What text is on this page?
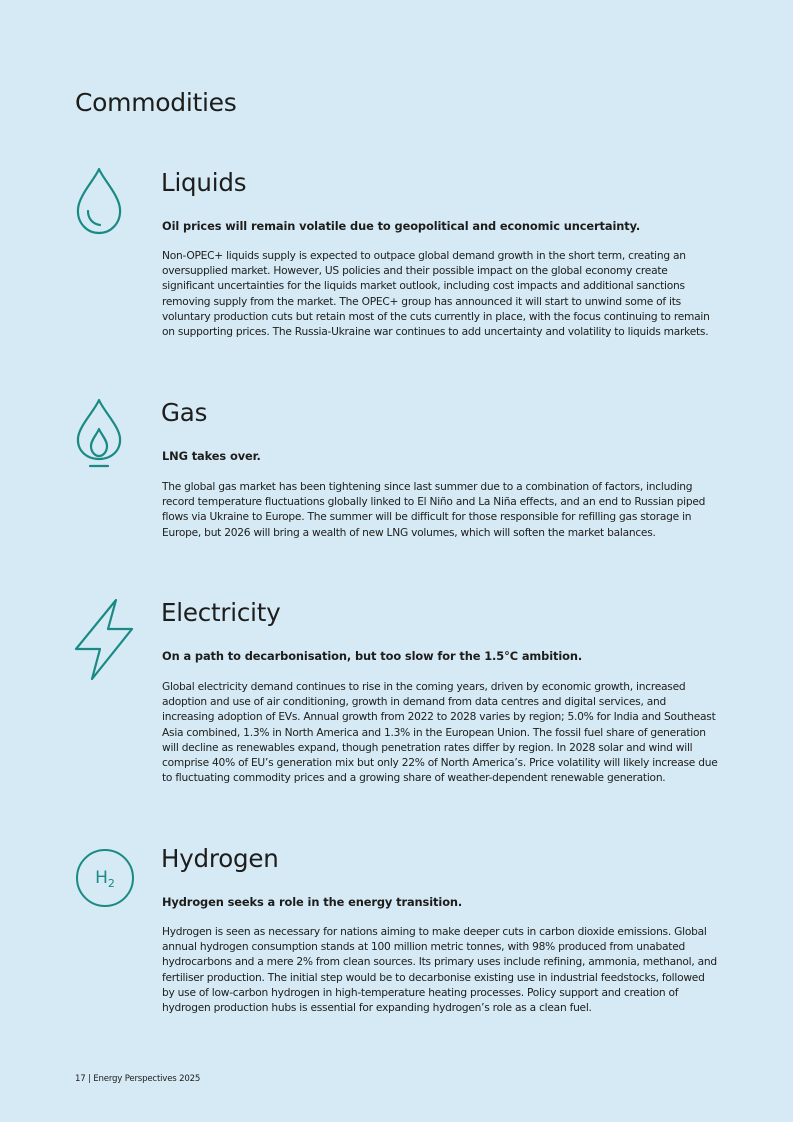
Commodities
Liquids

Oil prices will remain volatile due to geopolitical and economic uncertainty.

Non-OPEC+ liquids supply is expected to outpace global demand growth in the short term, creating an oversupplied market. However, US policies and their possible impact on the global economy create significant uncertainties for the liquids market outlook, including cost impacts and additional sanctions removing supply from the market. The OPEC+ group has announced it will start to unwind some of its voluntary production cuts but retain most of the cuts currently in place, with the focus continuing to remain on supporting prices. The Russia-Ukraine war continues to add uncertainty and volatility to liquids markets.

Gas

LNG takes over.

The global gas market has been tightening since last summer due to a combination of factors, including record temperature fluctuations globally linked to El Niño and La Niña effects, and an end to Russian piped flows via Ukraine to Europe. The summer will be difficult for those responsible for refilling gas storage in Europe, but 2026 will bring a wealth of new LNG volumes, which will soften the market balances.

Electricity

On a path to decarbonisation, but too slow for the 1.5°C ambition.

Global electricity demand continues to rise in the coming years, driven by economic growth, increased adoption and use of air conditioning, growth in demand from data centres and digital services, and increasing adoption of EVs. Annual growth from 2022 to 2028 varies by region; 5.0% for India and Southeast Asia combined, 1.3% in North America and 1.3% in the European Union. The fossil fuel share of generation will decline as renewables expand, though penetration rates differ by region. In 2028 solar and wind will comprise 40% of EU’s generation mix but only 22% of North America’s. Price volatility will likely increase due to fluctuating commodity prices and a growing share of weather-dependent renewable generation.

$H_2$
Hydrogen

Hydrogen seeks a role in the energy transition.

Hydrogen is seen as necessary for nations aiming to make deeper cuts in carbon dioxide emissions. Global annual hydrogen consumption stands at 100 million metric tonnes, with 98% produced from unabated hydrocarbons and a mere 2% from clean sources. Its primary uses include refining, ammonia, methanol, and fertiliser production. The initial step would be to decarbonise existing use in industrial feedstocks, followed by use of low-carbon hydrogen in high-temperature heating processes. Policy support and creation of hydrogen production hubs is essential for expanding hydrogen’s role as a clean fuel.

17 | Energy Perspectives 2025
